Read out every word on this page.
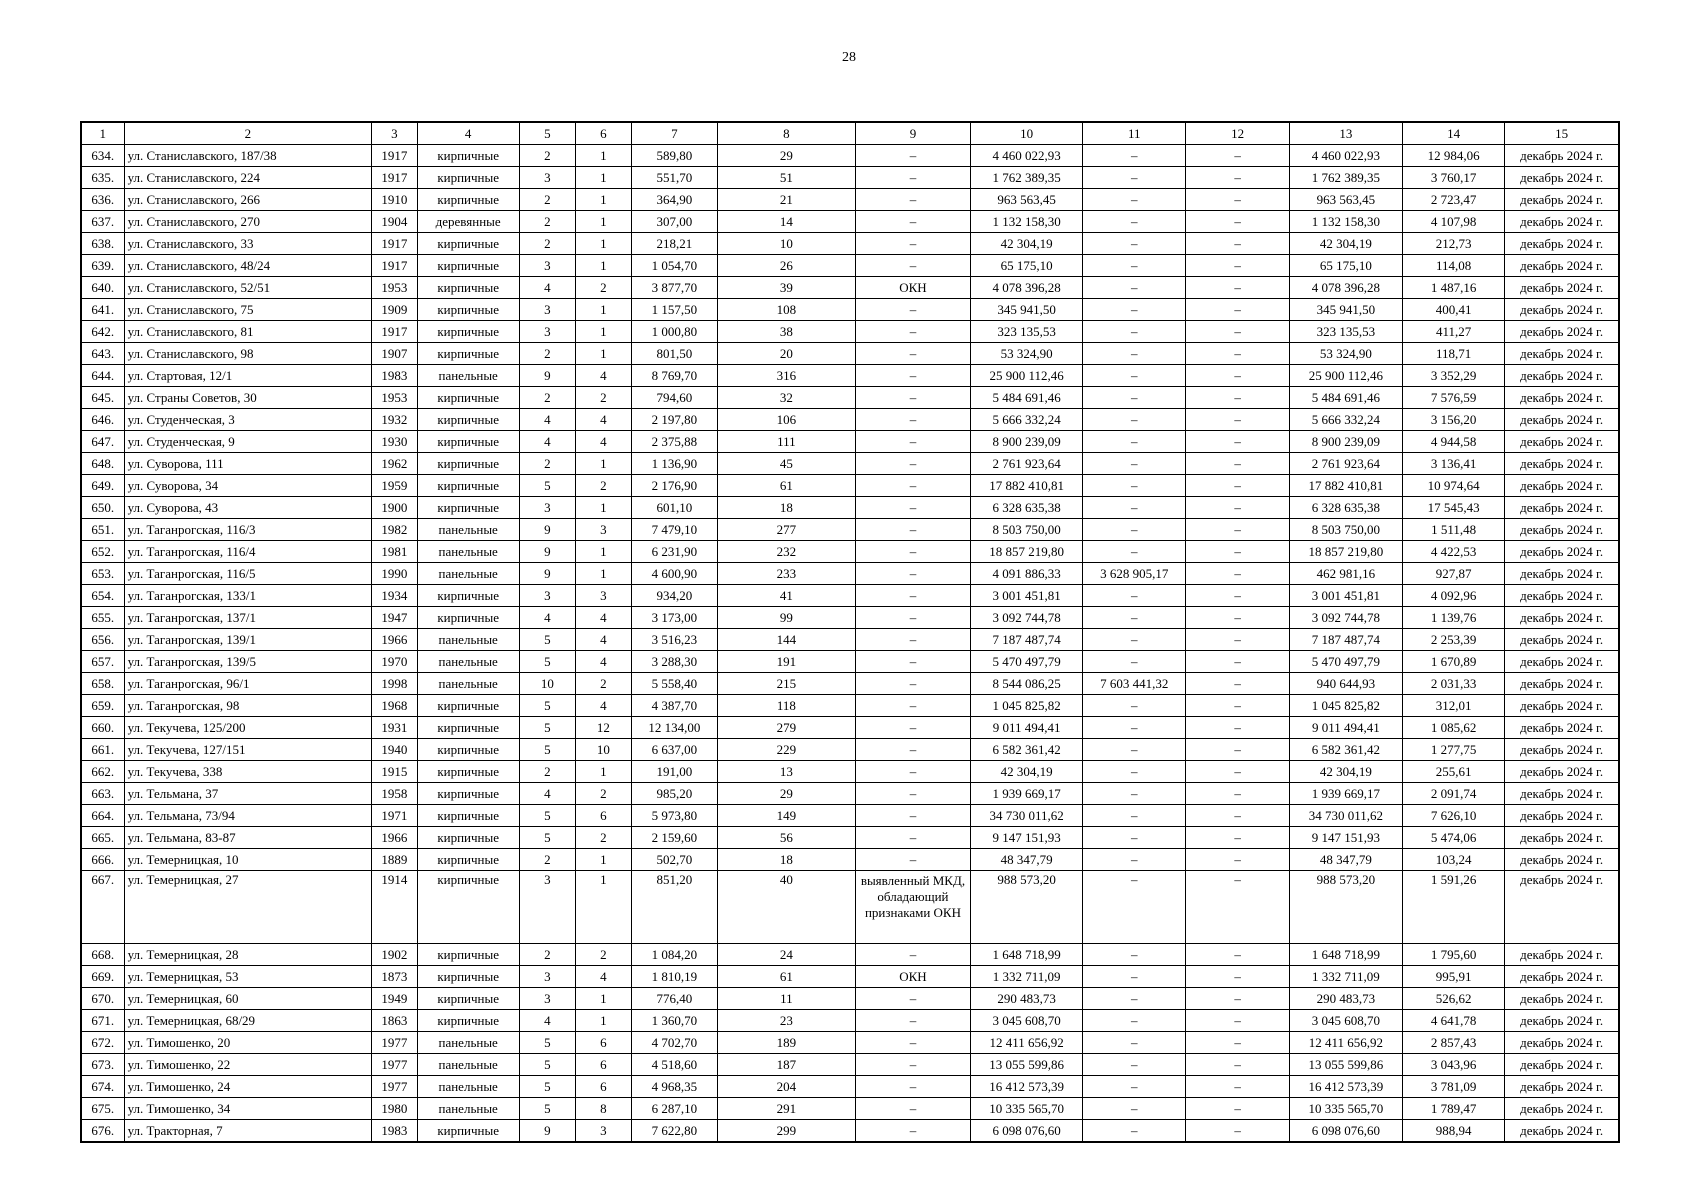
28
1	2	3	4	5	6	7	8	9	10	11	12	13	14	15
634.	ул. Станиславского, 187/38	1917	кирпичные	2	1	589,80	29	–	4 460 022,93	–	–	4 460 022,93	12 984,06	декабрь 2024 г.
635.	ул. Станиславского, 224	1917	кирпичные	3	1	551,70	51	–	1 762 389,35	–	–	1 762 389,35	3 760,17	декабрь 2024 г.
636.	ул. Станиславского, 266	1910	кирпичные	2	1	364,90	21	–	963 563,45	–	–	963 563,45	2 723,47	декабрь 2024 г.
637.	ул. Станиславского, 270	1904	деревянные	2	1	307,00	14	–	1 132 158,30	–	–	1 132 158,30	4 107,98	декабрь 2024 г.
638.	ул. Станиславского, 33	1917	кирпичные	2	1	218,21	10	–	42 304,19	–	–	42 304,19	212,73	декабрь 2024 г.
639.	ул. Станиславского, 48/24	1917	кирпичные	3	1	1 054,70	26	–	65 175,10	–	–	65 175,10	114,08	декабрь 2024 г.
640.	ул. Станиславского, 52/51	1953	кирпичные	4	2	3 877,70	39	ОКН	4 078 396,28	–	–	4 078 396,28	1 487,16	декабрь 2024 г.
641.	ул. Станиславского, 75	1909	кирпичные	3	1	1 157,50	108	–	345 941,50	–	–	345 941,50	400,41	декабрь 2024 г.
642.	ул. Станиславского, 81	1917	кирпичные	3	1	1 000,80	38	–	323 135,53	–	–	323 135,53	411,27	декабрь 2024 г.
643.	ул. Станиславского, 98	1907	кирпичные	2	1	801,50	20	–	53 324,90	–	–	53 324,90	118,71	декабрь 2024 г.
644.	ул. Стартовая, 12/1	1983	панельные	9	4	8 769,70	316	–	25 900 112,46	–	–	25 900 112,46	3 352,29	декабрь 2024 г.
645.	ул. Страны Советов, 30	1953	кирпичные	2	2	794,60	32	–	5 484 691,46	–	–	5 484 691,46	7 576,59	декабрь 2024 г.
646.	ул. Студенческая, 3	1932	кирпичные	4	4	2 197,80	106	–	5 666 332,24	–	–	5 666 332,24	3 156,20	декабрь 2024 г.
647.	ул. Студенческая, 9	1930	кирпичные	4	4	2 375,88	111	–	8 900 239,09	–	–	8 900 239,09	4 944,58	декабрь 2024 г.
648.	ул. Суворова, 111	1962	кирпичные	2	1	1 136,90	45	–	2 761 923,64	–	–	2 761 923,64	3 136,41	декабрь 2024 г.
649.	ул. Суворова, 34	1959	кирпичные	5	2	2 176,90	61	–	17 882 410,81	–	–	17 882 410,81	10 974,64	декабрь 2024 г.
650.	ул. Суворова, 43	1900	кирпичные	3	1	601,10	18	–	6 328 635,38	–	–	6 328 635,38	17 545,43	декабрь 2024 г.
651.	ул. Таганрогская, 116/3	1982	панельные	9	3	7 479,10	277	–	8 503 750,00	–	–	8 503 750,00	1 511,48	декабрь 2024 г.
652.	ул. Таганрогская, 116/4	1981	панельные	9	1	6 231,90	232	–	18 857 219,80	–	–	18 857 219,80	4 422,53	декабрь 2024 г.
653.	ул. Таганрогская, 116/5	1990	панельные	9	1	4 600,90	233	–	4 091 886,33	3 628 905,17	–	462 981,16	927,87	декабрь 2024 г.
654.	ул. Таганрогская, 133/1	1934	кирпичные	3	3	934,20	41	–	3 001 451,81	–	–	3 001 451,81	4 092,96	декабрь 2024 г.
655.	ул. Таганрогская, 137/1	1947	кирпичные	4	4	3 173,00	99	–	3 092 744,78	–	–	3 092 744,78	1 139,76	декабрь 2024 г.
656.	ул. Таганрогская, 139/1	1966	панельные	5	4	3 516,23	144	–	7 187 487,74	–	–	7 187 487,74	2 253,39	декабрь 2024 г.
657.	ул. Таганрогская, 139/5	1970	панельные	5	4	3 288,30	191	–	5 470 497,79	–	–	5 470 497,79	1 670,89	декабрь 2024 г.
658.	ул. Таганрогская, 96/1	1998	панельные	10	2	5 558,40	215	–	8 544 086,25	7 603 441,32	–	940 644,93	2 031,33	декабрь 2024 г.
659.	ул. Таганрогская, 98	1968	кирпичные	5	4	4 387,70	118	–	1 045 825,82	–	–	1 045 825,82	312,01	декабрь 2024 г.
660.	ул. Текучева, 125/200	1931	кирпичные	5	12	12 134,00	279	–	9 011 494,41	–	–	9 011 494,41	1 085,62	декабрь 2024 г.
661.	ул. Текучева, 127/151	1940	кирпичные	5	10	6 637,00	229	–	6 582 361,42	–	–	6 582 361,42	1 277,75	декабрь 2024 г.
662.	ул. Текучева, 338	1915	кирпичные	2	1	191,00	13	–	42 304,19	–	–	42 304,19	255,61	декабрь 2024 г.
663.	ул. Тельмана, 37	1958	кирпичные	4	2	985,20	29	–	1 939 669,17	–	–	1 939 669,17	2 091,74	декабрь 2024 г.
664.	ул. Тельмана, 73/94	1971	кирпичные	5	6	5 973,80	149	–	34 730 011,62	–	–	34 730 011,62	7 626,10	декабрь 2024 г.
665.	ул. Тельмана, 83-87	1966	кирпичные	5	2	2 159,60	56	–	9 147 151,93	–	–	9 147 151,93	5 474,06	декабрь 2024 г.
666.	ул. Темерницкая, 10	1889	кирпичные	2	1	502,70	18	–	48 347,79	–	–	48 347,79	103,24	декабрь 2024 г.
667.	ул. Темерницкая, 27	1914	кирпичные	3	1	851,20	40	выявленный МКД, обладающий признаками ОКН	988 573,20	–	–	988 573,20	1 591,26	декабрь 2024 г.
668.	ул. Темерницкая, 28	1902	кирпичные	2	2	1 084,20	24	–	1 648 718,99	–	–	1 648 718,99	1 795,60	декабрь 2024 г.
669.	ул. Темерницкая, 53	1873	кирпичные	3	4	1 810,19	61	ОКН	1 332 711,09	–	–	1 332 711,09	995,91	декабрь 2024 г.
670.	ул. Темерницкая, 60	1949	кирпичные	3	1	776,40	11	–	290 483,73	–	–	290 483,73	526,62	декабрь 2024 г.
671.	ул. Темерницкая, 68/29	1863	кирпичные	4	1	1 360,70	23	–	3 045 608,70	–	–	3 045 608,70	4 641,78	декабрь 2024 г.
672.	ул. Тимошенко, 20	1977	панельные	5	6	4 702,70	189	–	12 411 656,92	–	–	12 411 656,92	2 857,43	декабрь 2024 г.
673.	ул. Тимошенко, 22	1977	панельные	5	6	4 518,60	187	–	13 055 599,86	–	–	13 055 599,86	3 043,96	декабрь 2024 г.
674.	ул. Тимошенко, 24	1977	панельные	5	6	4 968,35	204	–	16 412 573,39	–	–	16 412 573,39	3 781,09	декабрь 2024 г.
675.	ул. Тимошенко, 34	1980	панельные	5	8	6 287,10	291	–	10 335 565,70	–	–	10 335 565,70	1 789,47	декабрь 2024 г.
676.	ул. Тракторная, 7	1983	кирпичные	9	3	7 622,80	299	–	6 098 076,60	–	–	6 098 076,60	988,94	декабрь 2024 г.
